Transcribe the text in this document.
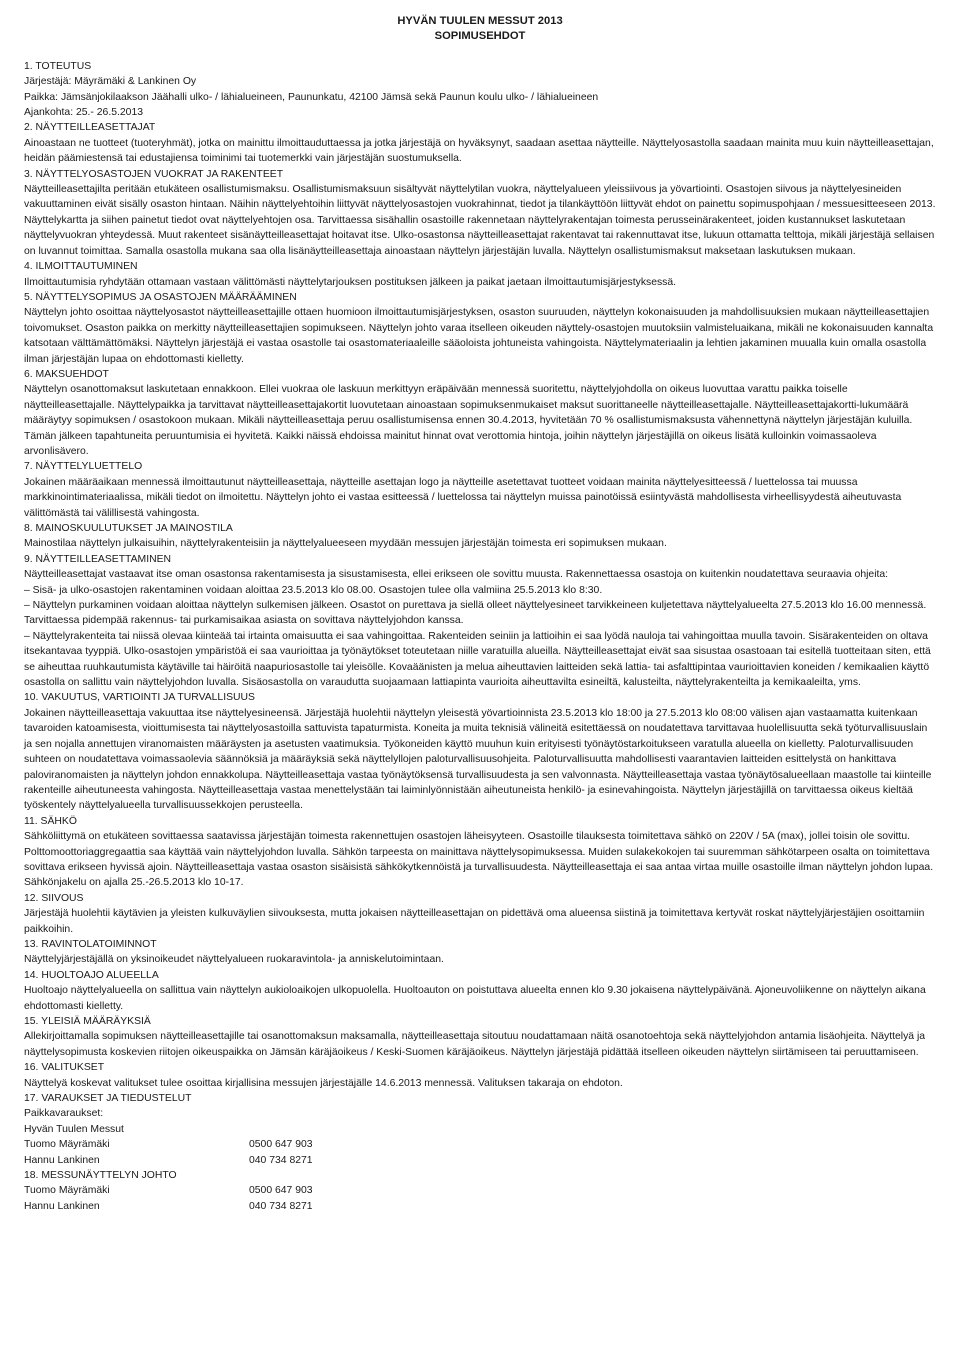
HYVÄN TUULEN MESSUT 2013
SOPIMUSEHDOT

1. TOTEUTUS

Järjestäjä: Mäyrämäki & Lankinen Oy

Paikka: Jämsänjokilaakson Jäähalli ulko- / lähialueineen, Paununkatu, 42100 Jämsä sekä Paunun koulu ulko- / lähialueineen

Ajankohta: 25.- 26.5.2013

2. NÄYTTEILLEASETTAJAT

Ainoastaan ne tuotteet (tuoteryhmät), jotka on mainittu ilmoittauduttaessa ja jotka järjestäjä on hyväksynyt, saadaan asettaa näytteille. Näyttelyosastolla saadaan mainita muu kuin näytteilleasettajan, heidän päämiestensä tai edustajiensa toiminimi tai tuotemerkki vain järjestäjän suostumuksella.

3. NÄYTTELYOSASTOJEN VUOKRAT JA RAKENTEET

Näytteilleasettajilta peritään etukäteen osallistumismaksu. Osallistumismaksuun sisältyvät näyttelytilan vuokra, näyttelyalueen yleissiivous ja yövartiointi. Osastojen siivous ja näyttelyesineiden vakuuttaminen eivät sisälly osaston hintaan. Näihin näyttelyehtoihin liittyvät näyttelyosastojen vuokrahinnat, tiedot ja tilankäyttöön liittyvät ehdot on painettu sopimuspohjaan / messuesitteeseen 2013. Näyttelykartta ja siihen painetut tiedot ovat näyttelyehtojen osa. Tarvittaessa sisähallin osastoille rakennetaan näyttelyrakentajan toimesta perusseinärakenteet, joiden kustannukset laskutetaan näyttelyvuokran yhteydessä. Muut rakenteet sisänäytteilleasettajat hoitavat itse. Ulko-osastonsa näytteilleasettajat rakentavat tai rakennuttavat itse, lukuun ottamatta telttoja, mikäli järjestäjä sellaisen on luvannut toimittaa. Samalla osastolla mukana saa olla lisänäytteilleasettaja ainoastaan näyttelyn järjestäjän luvalla. Näyttelyn osallistumismaksut maksetaan laskutuksen mukaan.

4. ILMOITTAUTUMINEN

Ilmoittautumisia ryhdytään ottamaan vastaan välittömästi näyttelytarjouksen postituksen jälkeen ja paikat jaetaan ilmoittautumisjärjestyksessä.

5. NÄYTTELYSOPIMUS JA OSASTOJEN MÄÄRÄÄMINEN

Näyttelyn johto osoittaa näyttelyosastot näytteilleasettajille ottaen huomioon ilmoittautumisjärjestyksen, osaston suuruuden, näyttelyn kokonaisuuden ja mahdollisuuksien mukaan näytteilleasettajien toivomukset. Osaston paikka on merkitty näytteilleasettajien sopimukseen. Näyttelyn johto varaa itselleen oikeuden näyttely-osastojen muutoksiin valmisteluaikana, mikäli ne kokonaisuuden kannalta katsotaan välttämättömäksi. Näyttelyn järjestäjä ei vastaa osastolle tai osastomateriaaleille sääoloista johtuneista vahingoista. Näyttelymateriaalin ja lehtien jakaminen muualla kuin omalla osastolla ilman järjestäjän lupaa on ehdottomasti kielletty.

6. MAKSUEHDOT

Näyttelyn osanottomaksut laskutetaan ennakkoon. Ellei vuokraa ole laskuun merkittyyn eräpäivään mennessä suoritettu, näyttelyjohdolla on oikeus luovuttaa varattu paikka toiselle näytteilleasettajalle. Näyttelypaikka ja tarvittavat näytteilleasettajakortit luovutetaan ainoastaan sopimuksenmukaiset maksut suorittaneelle näytteilleasettajalle. Näytteilleasettajakortti-lukumäärä määräytyy sopimuksen / osastokoon mukaan. Mikäli näytteilleasettaja peruu osallistumisensa ennen 30.4.2013, hyvitetään 70 % osallistumismaksusta vähennettynä näyttelyn järjestäjän kuluilla. Tämän jälkeen tapahtuneita peruuntumisia ei hyvitetä. Kaikki näissä ehdoissa mainitut hinnat ovat verottomia hintoja, joihin näyttelyn järjestäjillä on oikeus lisätä kulloinkin voimassaoleva arvonlisävero.

7. NÄYTTELYLUETTELO

Jokainen määräaikaan mennessä ilmoittautunut näytteilleasettaja, näytteille asettajan logo ja näytteille asetettavat tuotteet voidaan mainita näyttelyesitteessä / luettelossa tai muussa markkinointimateriaalissa, mikäli tiedot on ilmoitettu. Näyttelyn johto ei vastaa esitteessä / luettelossa tai näyttelyn muissa painotöissä esiintyvästä mahdollisesta virheellisyydestä aiheutuvasta välittömästä tai välillisestä vahingosta.

8. MAINOSKUULUTUKSET JA MAINOSTILA

Mainostilaa näyttelyn julkaisuihin, näyttelyrakenteisiin ja näyttelyalueeseen myydään messujen järjestäjän toimesta eri sopimuksen mukaan.

9. NÄYTTEILLEASETTAMINEN

Näytteilleasettajat vastaavat itse oman osastonsa rakentamisesta ja sisustamisesta, ellei erikseen ole sovittu muusta. Rakennettaessa osastoja on kuitenkin noudatettava seuraavia ohjeita:

– Sisä- ja ulko-osastojen rakentaminen voidaan aloittaa 23.5.2013 klo 08.00. Osastojen tulee olla valmiina 25.5.2013 klo 8:30.

– Näyttelyn purkaminen voidaan aloittaa näyttelyn sulkemisen jälkeen. Osastot on purettava ja siellä olleet näyttelyesineet tarvikkeineen kuljetettava näyttelyalueelta 27.5.2013 klo 16.00 mennessä. Tarvittaessa pidempää rakennus- tai purkamisaikaa asiasta on sovittava näyttelyjohdon kanssa.

– Näyttelyrakenteita tai niissä olevaa kiinteää tai irtainta omaisuutta ei saa vahingoittaa. Rakenteiden seiniin ja lattioihin ei saa lyödä nauloja tai vahingoittaa muulla tavoin. Sisärakenteiden on oltava itsekantavaa tyyppiä. Ulko-osastojen ympäristöä ei saa vaurioittaa ja työnäytökset toteutetaan niille varatuilla alueilla. Näytteilleasettajat eivät saa sisustaa osastoaan tai esitellä tuotteitaan siten, että se aiheuttaa ruuhkautumista käytäville tai häiröitä naapuriosastolle tai yleisölle. Kovaäänisten ja melua aiheuttavien laitteiden sekä lattia- tai asfalttipintaa vaurioittavien koneiden / kemikaalien käyttö osastolla on sallittu vain näyttelyjohdon luvalla. Sisäosastolla on varaudutta suojaamaan lattiapinta vaurioita aiheuttavilta esineiltä, kalusteilta, näyttelyrakenteilta ja kemikaaleilta, yms.

10. VAKUUTUS, VARTIOINTI JA TURVALLISUUS

Jokainen näytteilleasettaja vakuuttaa itse näyttelyesineensä. Järjestäjä huolehtii näyttelyn yleisestä yövartioinnista 23.5.2013 klo 18:00 ja 27.5.2013 klo 08:00 välisen ajan vastaamatta kuitenkaan tavaroiden katoamisesta, vioittumisesta tai näyttelyosastoilla sattuvista tapaturmista. Koneita ja muita teknisiä välineitä esitettäessä on noudatettava tarvittavaa huolellisuutta sekä työturvallisuuslain ja sen nojalla annettujen viranomaisten määräysten ja asetusten vaatimuksia. Työkoneiden käyttö muuhun kuin erityisesti työnäytöstarkoitukseen varatulla alueella on kielletty. Paloturvallisuuden suhteen on noudatettava voimassaolevia säännöksiä ja määräyksiä sekä näyttelyllojen paloturvallisuusohjeita. Paloturvallisuutta mahdollisesti vaarantavien laitteiden esittelystä on hankittava paloviranomaisten ja näyttelyn johdon ennakkolupa. Näytteilleasettaja vastaa työnäytöksensä turvallisuudesta ja sen valvonnasta. Näytteilleasettaja vastaa työnäytösalueellaan maastolle tai kiinteille rakenteille aiheutuneesta vahingosta. Näytteilleasettaja vastaa menettelystään tai laiminlyönnistään aiheutuneista henkilö- ja esinevahingoista. Näyttelyn järjestäjillä on tarvittaessa oikeus kieltää työskentely näyttelyalueella turvallisuussekkojen perusteella.

11. SÄHKÖ

Sähköliittymä on etukäteen sovittaessa saatavissa järjestäjän toimesta rakennettujen osastojen läheisyyteen. Osastoille tilauksesta toimitettava sähkö on 220V / 5A (max), jollei toisin ole sovittu. Polttomoottoriaggregaattia saa käyttää vain näyttelyjohdon luvalla. Sähkön tarpeesta on mainittava näyttelysopimuksessa. Muiden sulakekokojen tai suuremman sähkötarpeen osalta on toimitettava sovittava erikseen hyvissä ajoin. Näytteilleasettaja vastaa osaston sisäisistä sähkökytkennöistä ja turvallisuudesta. Näytteilleasettaja ei saa antaa virtaa muille osastoille ilman näyttelyn johdon lupaa. Sähkönjakelu on ajalla 25.-26.5.2013 klo 10-17.

12. SIIVOUS

Järjestäjä huolehtii käytävien ja yleisten kulkuväylien siivouksesta, mutta jokaisen näytteilleasettajan on pidettävä oma alueensa siistinä ja toimitettava kertyvät roskat näyttelyjärjestäjien osoittamiin paikkoihin.

13. RAVINTOLATOIMINNOT

Näyttelyjärjestäjällä on yksinoikeudet näyttelyalueen ruokaravintola- ja anniskelutoimintaan.

14. HUOLTOAJO ALUEELLA

Huoltoajo näyttelyalueella on sallittua vain näyttelyn aukioloaikojen ulkopuolella. Huoltoauton on poistuttava alueelta ennen klo 9.30 jokaisena näyttelypäivänä. Ajoneuvoliikenne on näyttelyn aikana ehdottomasti kielletty.

15. YLEISIÄ MÄÄRÄYKSIÄ

Allekirjoittamalla sopimuksen näytteilleasettajille tai osanottomaksun maksamalla, näytteilleasettaja sitoutuu noudattamaan näitä osanotoehtoja sekä näyttelyjohdon antamia lisäohjeita. Näyttelyä ja näyttelysopimusta koskevien riitojen oikeuspaikka on Jämsän käräjäoikeus / Keski-Suomen käräjäoikeus. Näyttelyn järjestäjä pidättää itselleen oikeuden näyttelyn siirtämiseen tai peruuttamiseen.

16. VALITUKSET

Näyttelyä koskevat valitukset tulee osoittaa kirjallisina messujen järjestäjälle 14.6.2013 mennessä. Valituksen takaraja on ehdoton.

17. VARAUKSET JA TIEDUSTELUT

Paikkavaraukset:

Hyvän Tuulen Messut

Tuomo Mäyrämäki	0500 647 903
Hannu Lankinen	040 734 8271

18. MESSUNÄYTTELYN JOHTO

Tuomo Mäyrämäki	0500 647 903
Hannu Lankinen	040 734 8271
